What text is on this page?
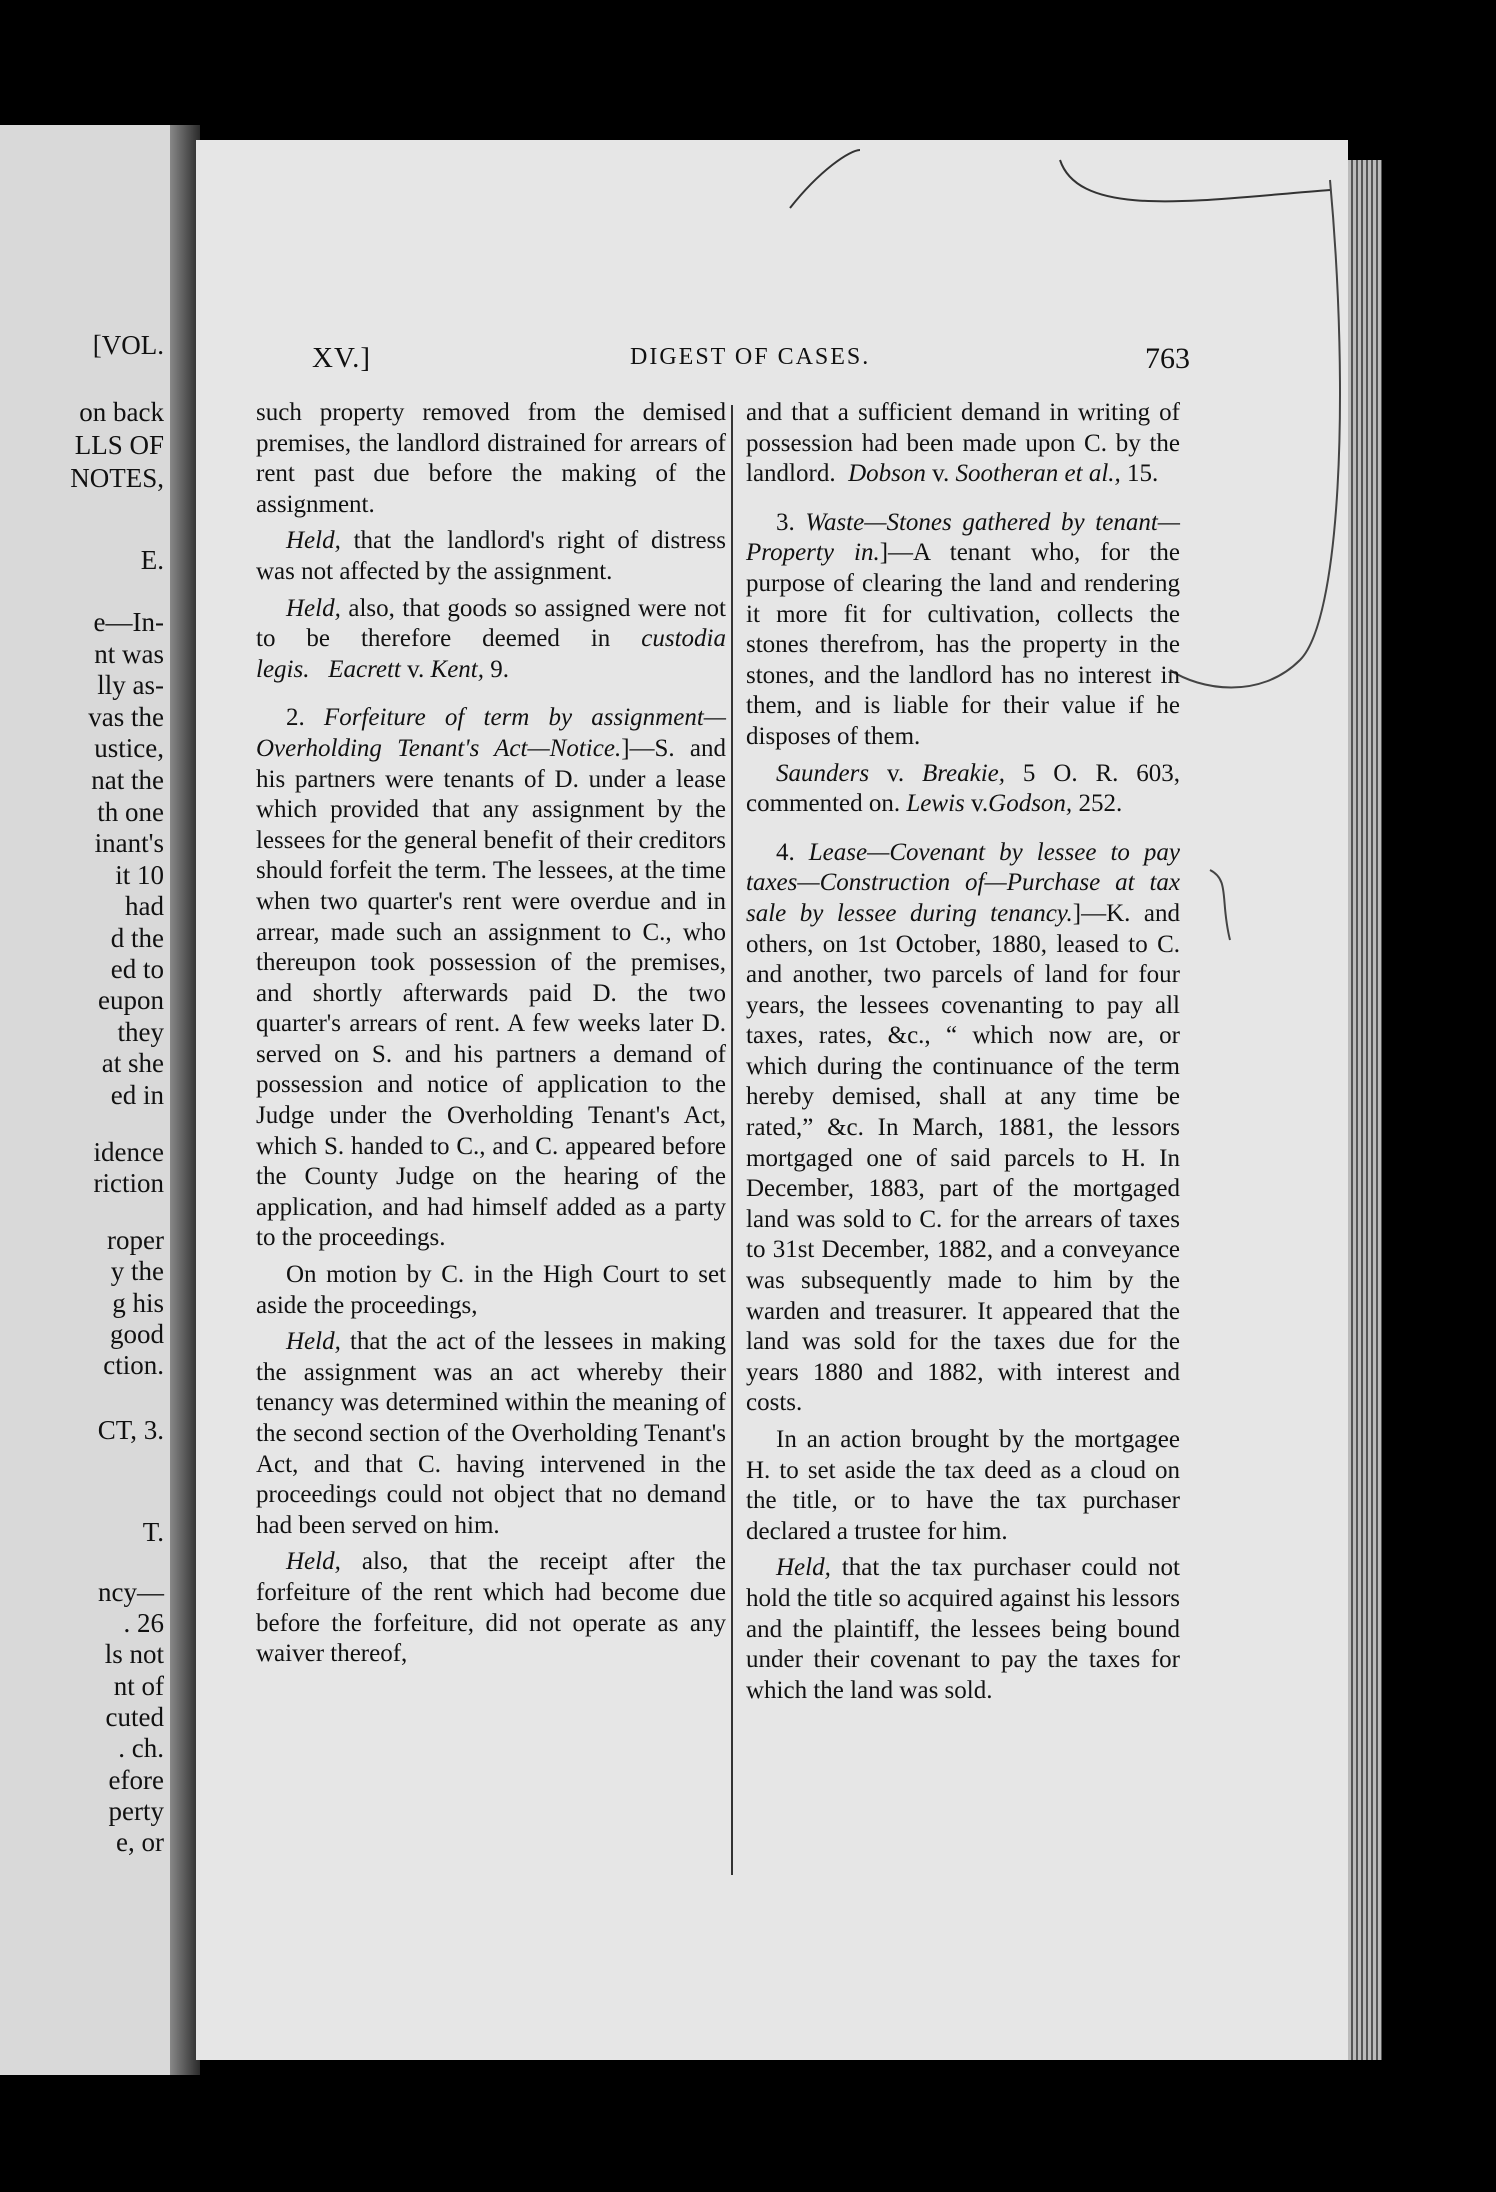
[VOL.
on back
LLS OF
NOTES,
E.
e—In-
nt was
lly as-
vas the
ustice,
nat the
th one
inant's
it 10
had
d the
ed to
eupon
they
at she
ed in
idence
riction
roper
y the
g his
good
ction.
CT, 3.
T.
ncy—
. 26
ls not
nt of
cuted
. ch.
efore
perty
e, or
XV.]	DIGEST OF CASES.	763

such property removed from the demised premises, the landlord distrained for arrears of rent past due before the making of the assignment.

Held, that the landlord's right of distress was not affected by the assignment.

Held, also, that goods so assigned were not to be therefore deemed in custodia legis. Eacrett v. Kent, 9.

2. Forfeiture of term by assignment—Overholding Tenant's Act—Notice.]—S. and his partners were tenants of D. under a lease which provided that any assignment by the lessees for the general benefit of their creditors should forfeit the term. The lessees, at the time when two quarter's rent were overdue and in arrear, made such an assignment to C., who thereupon took possession of the premises, and shortly afterwards paid D. the two quarter's arrears of rent. A few weeks later D. served on S. and his partners a demand of possession and notice of application to the Judge under the Overholding Tenant's Act, which S. handed to C., and C. appeared before the County Judge on the hearing of the application, and had himself added as a party to the proceedings.

On motion by C. in the High Court to set aside the proceedings,

Held, that the act of the lessees in making the assignment was an act whereby their tenancy was determined within the meaning of the second section of the Overholding Tenant's Act, and that C. having intervened in the proceedings could not object that no demand had been served on him.

Held, also, that the receipt after the forfeiture of the rent which had become due before the forfeiture, did not operate as any waiver thereof,

and that a sufficient demand in writing of possession had been made upon C. by the landlord.  Dobson v. Sootheran et al., 15.

3. Waste—Stones gathered by tenant—Property in.]—A tenant who, for the purpose of clearing the land and rendering it more fit for cultivation, collects the stones therefrom, has the property in the stones, and the landlord has no interest in them, and is liable for their value if he disposes of them.

Saunders v. Breakie, 5 O. R. 603, commented on. Lewis v.Godson, 252.

4. Lease—Covenant by lessee to pay taxes—Construction of—Purchase at tax sale by lessee during tenancy.]—K. and others, on 1st October, 1880, leased to C. and another, two parcels of land for four years, the lessees covenanting to pay all taxes, rates, &c., “ which now are, or which during the continuance of the term hereby demised, shall at any time be rated,” &c. In March, 1881, the lessors mortgaged one of said parcels to H. In December, 1883, part of the mortgaged land was sold to C. for the arrears of taxes to 31st December, 1882, and a conveyance was subsequently made to him by the warden and treasurer. It appeared that the land was sold for the taxes due for the years 1880 and 1882, with interest and costs.

In an action brought by the mortgagee H. to set aside the tax deed as a cloud on the title, or to have the tax purchaser declared a trustee for him.

Held, that the tax purchaser could not hold the title so acquired against his lessors and the plaintiff, the lessees being bound under their covenant to pay the taxes for which the land was sold.
